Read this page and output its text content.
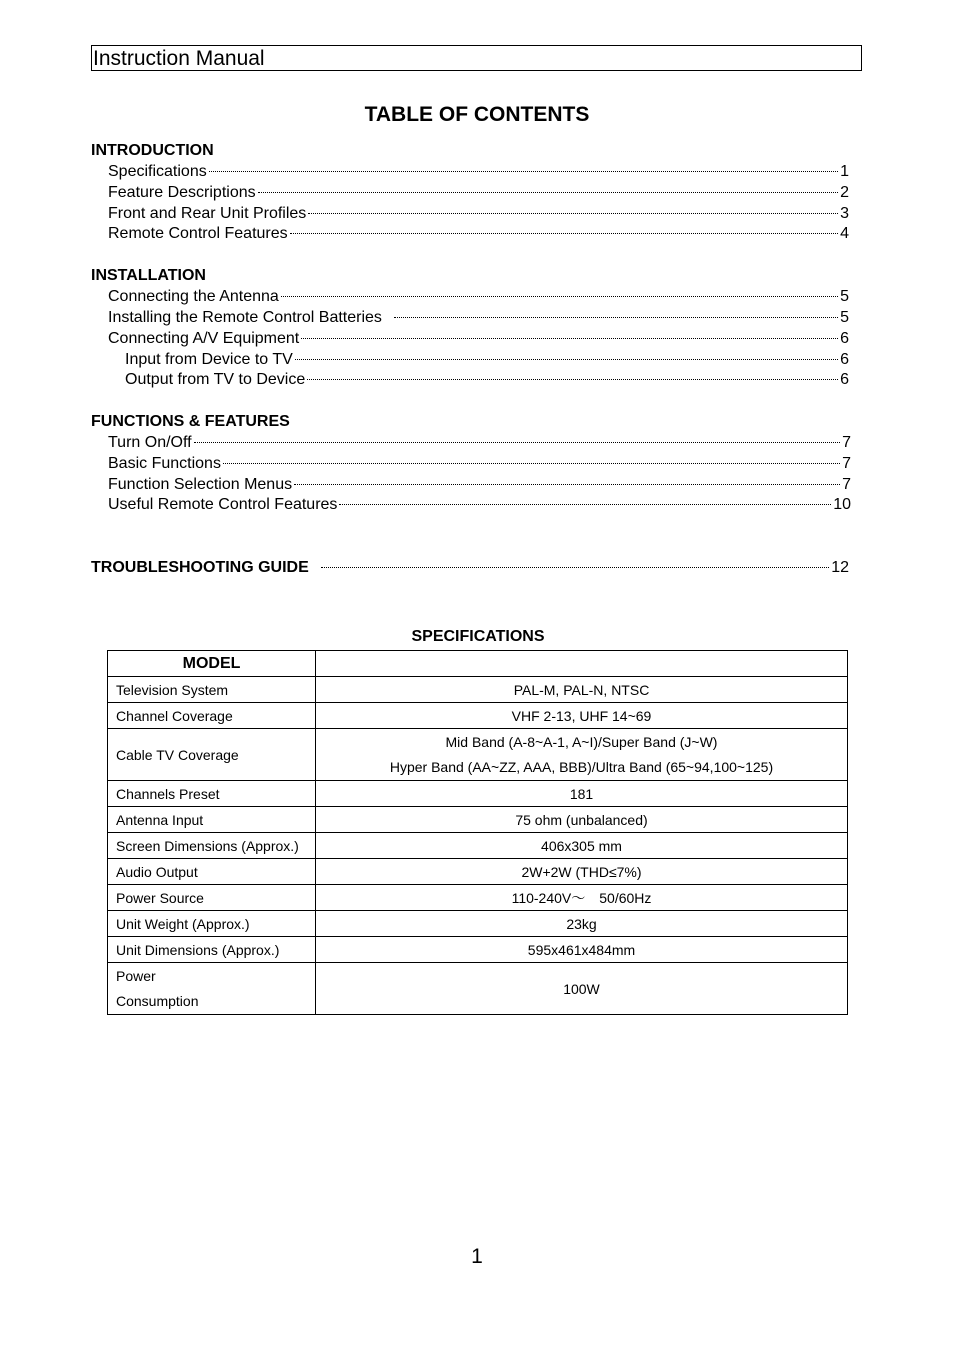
Instruction Manual
TABLE OF CONTENTS
INTRODUCTION
Specifications	1
Feature Descriptions	2
Front and Rear Unit Profiles	3
Remote Control Features	4
INSTALLATION
Connecting the Antenna	5
Installing the Remote Control Batteries	5
Connecting A/V Equipment	6
Input from Device to TV	6
Output from TV to Device	6
FUNCTIONS & FEATURES
Turn On/Off	7
Basic Functions	7
Function Selection Menus	7
Useful Remote Control Features	10
TROUBLESHOOTING GUIDE	12
SPECIFICATIONS
MODEL	
Television System	PAL-M, PAL-N, NTSC
Channel Coverage	VHF 2-13, UHF 14~69
Cable TV Coverage	Mid Band (A-8~A-1, A~I)/Super Band (J~W)
Hyper Band (AA~ZZ, AAA, BBB)/Ultra Band (65~94,100~125)

Channels Preset	181
Antenna Input	75 ohm (unbalanced)
Screen Dimensions (Approx.)	406x305 mm
Audio Output	2W+2W (THD≤7%)
Power Source	110-240V～　50/60Hz
Unit Weight (Approx.)	23kg
Unit Dimensions (Approx.)	595x461x484mm

Power
Consumption	100W
1
